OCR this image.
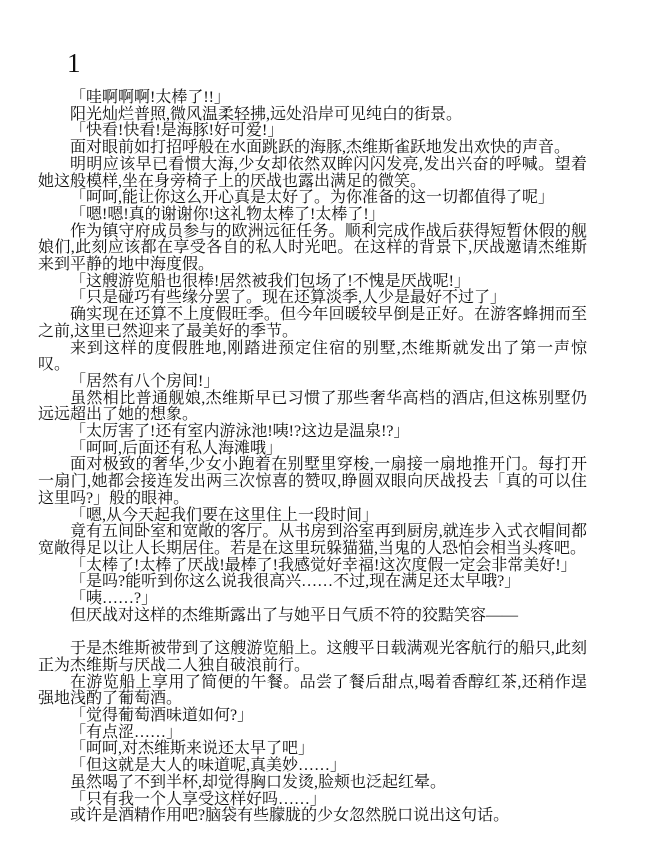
1

「哇啊啊啊!太棒了!!」

阳光灿烂普照,微风温柔轻拂,远处沿岸可见纯白的街景。

「快看!快看!是海豚!好可爱!」

面对眼前如打招呼般在水面跳跃的海豚,杰维斯雀跃地发出欢快的声音。

明明应该早已看惯大海,少女却依然双眸闪闪发亮,发出兴奋的呼喊。望着她这般模样,坐在身旁椅子上的厌战也露出满足的微笑。

「呵呵,能让你这么开心真是太好了。为你准备的这一切都值得了呢」

「嗯!嗯!真的谢谢你!这礼物太棒了!太棒了!」

作为镇守府成员参与的欧洲远征任务。顺利完成作战后获得短暂休假的舰娘们,此刻应该都在享受各自的私人时光吧。在这样的背景下,厌战邀请杰维斯来到平静的地中海度假。

「这艘游览船也很棒!居然被我们包场了!不愧是厌战呢!」

「只是碰巧有些缘分罢了。现在还算淡季,人少是最好不过了」

确实现在还算不上度假旺季。但今年回暖较早倒是正好。在游客蜂拥而至之前,这里已然迎来了最美好的季节。

来到这样的度假胜地,刚踏进预定住宿的别墅,杰维斯就发出了第一声惊叹。

「居然有八个房间!」

虽然相比普通舰娘,杰维斯早已习惯了那些奢华高档的酒店,但这栋别墅仍远远超出了她的想象。

「太厉害了!还有室内游泳池!咦!?这边是温泉!?」

「呵呵,后面还有私人海滩哦」

面对极致的奢华,少女小跑着在别墅里穿梭,一扇接一扇地推开门。每打开一扇门,她都会接连发出两三次惊喜的赞叹,睁圆双眼向厌战投去「真的可以住这里吗?」般的眼神。

「嗯,从今天起我们要在这里住上一段时间」

竟有五间卧室和宽敞的客厅。从书房到浴室再到厨房,就连步入式衣帽间都宽敞得足以让人长期居住。若是在这里玩躲猫猫,当鬼的人恐怕会相当头疼吧。

「太棒了!太棒了厌战!最棒了!我感觉好幸福!这次度假一定会非常美好!」

「是吗?能听到你这么说我很高兴……不过,现在满足还太早哦?」

「咦……?」

但厌战对这样的杰维斯露出了与她平日气质不符的狡黠笑容——

于是杰维斯被带到了这艘游览船上。这艘平日载满观光客航行的船只,此刻正为杰维斯与厌战二人独自破浪前行。

在游览船上享用了简便的午餐。品尝了餐后甜点,喝着香醇红茶,还稍作逞强地浅酌了葡萄酒。

「觉得葡萄酒味道如何?」

「有点涩……」

「呵呵,对杰维斯来说还太早了吧」

「但这就是大人的味道呢,真美妙……」

虽然喝了不到半杯,却觉得胸口发烫,脸颊也泛起红晕。

「只有我一个人享受这样好吗……」

或许是酒精作用吧?脑袋有些朦胧的少女忽然脱口说出这句话。
